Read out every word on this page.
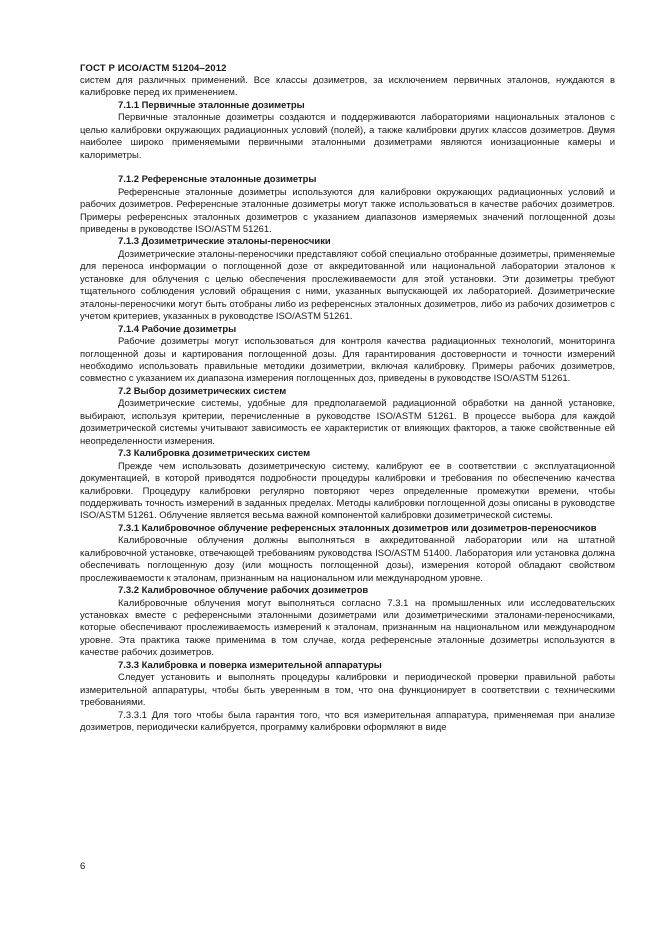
ГОСТ Р ИСО/АСТМ 51204–2012

систем для различных применений. Все классы дозиметров, за исключением первичных эталонов, нуждаются в калибровке перед их применением.

7.1.1 Первичные эталонные дозиметры

Первичные эталонные дозиметры создаются и поддерживаются лабораториями национальных эталонов с целью калибровки окружающих радиационных условий (полей), а также калибровки других классов дозиметров. Двумя наиболее широко применяемыми первичными эталонными дозиметрами являются ионизационные камеры и калориметры.

7.1.2 Референсные эталонные дозиметры

Референсные эталонные дозиметры используются для калибровки окружающих радиационных условий и рабочих дозиметров. Референсные эталонные дозиметры могут также использоваться в качестве рабочих дозиметров. Примеры референсных эталонных дозиметров с указанием диапазонов измеряемых значений поглощенной дозы приведены в руководстве ISO/ASTM 51261.

7.1.3 Дозиметрические эталоны-переносчики

Дозиметрические эталоны-переносчики представляют собой специально отобранные дозиметры, применяемые для переноса информации о поглощенной дозе от аккредитованной или национальной лаборатории эталонов к установке для облучения с целью обеспечения прослеживаемости для этой установки. Эти дозиметры требуют тщательного соблюдения условий обращения с ними, указанных выпускающей их лабораторией. Дозиметрические эталоны-переносчики могут быть отобраны либо из референсных эталонных дозиметров, либо из рабочих дозиметров с учетом критериев, указанных в руководстве ISO/ASTM 51261.

7.1.4 Рабочие дозиметры

Рабочие дозиметры могут использоваться для контроля качества радиационных технологий, мониторинга поглощенной дозы и картирования поглощенной дозы. Для гарантирования достоверности и точности измерений необходимо использовать правильные методики дозиметрии, включая калибровку. Примеры рабочих дозиметров, совместно с указанием их диапазона измерения поглощенных доз, приведены в руководстве ISO/ASTM 51261.

7.2 Выбор дозиметрических систем

Дозиметрические системы, удобные для предполагаемой радиационной обработки на данной установке, выбирают, используя критерии, перечисленные в руководстве ISO/ASTM 51261. В процессе выбора для каждой дозиметрической системы учитывают зависимость ее характеристик от влияющих факторов, а также свойственные ей неопределенности измерения.

7.3 Калибровка дозиметрических систем

Прежде чем использовать дозиметрическую систему, калибруют ее в соответствии с эксплуатационной документацией, в которой приводятся подробности процедуры калибровки и требования по обеспечению качества калибровки. Процедуру калибровки регулярно повторяют через определенные промежутки времени, чтобы поддерживать точность измерений в заданных пределах. Методы калибровки поглощенной дозы описаны в руководстве ISO/ASTM 51261. Облучение является весьма важной компонентой калибровки дозиметрической системы.

7.3.1 Калибровочное облучение референсных эталонных дозиметров или дозиметров-переносчиков

Калибровочные облучения должны выполняться в аккредитованной лаборатории или на штатной калибровочной установке, отвечающей требованиям руководства ISO/ASTM 51400. Лаборатория или установка должна обеспечивать поглощенную дозу (или мощность поглощенной дозы), измерения которой обладают свойством прослеживаемости к эталонам, признанным на национальном или международном уровне.

7.3.2 Калибровочное облучение рабочих дозиметров

Калибровочные облучения могут выполняться согласно 7.3.1 на промышленных или исследовательских установках вместе с референсными эталонными дозиметрами или дозиметрическими эталонами-переносчиками, которые обеспечивают прослеживаемость измерений к эталонам, признанным на национальном или международном уровне. Эта практика также применима в том случае, когда референсные эталонные дозиметры используются в качестве рабочих дозиметров.

7.3.3 Калибровка и поверка измерительной аппаратуры

Следует установить и выполнять процедуры калибровки и периодической проверки правильной работы измерительной аппаратуры, чтобы быть уверенным в том, что она функционирует в соответствии с техническими требованиями.

7.3.3.1 Для того чтобы была гарантия того, что вся измерительная аппаратура, применяемая при анализе дозиметров, периодически калибруется, программу калибровки оформляют в виде

6
